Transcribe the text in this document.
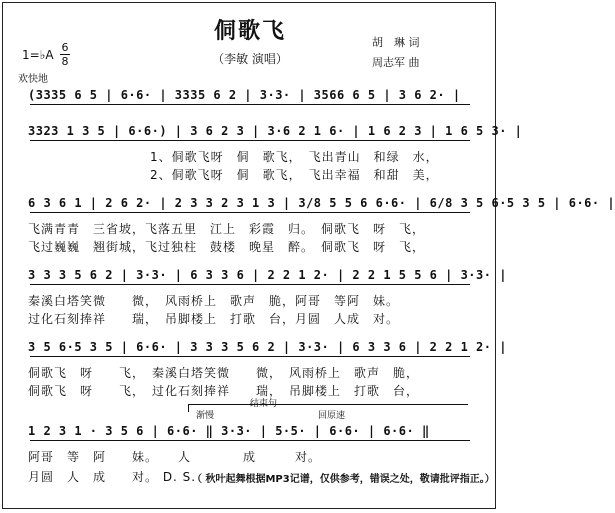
侗歌飞
（李敏 演唱）
胡　琳 词
周志军 曲
1=♭A
6
8
欢快地
(3335 6 5 | 6·6· | 3335 6 2 | 3·3· | 3566 6 5 | 3 6 2· |
3323 1 3 5 | 6·6·) | 3 6 2 3 | 3·6 2 1 6· | 1 6 2 3 | 1 6 5 3· |
1、侗歌飞呀　侗　歌飞，　飞出青山　和绿　水，
2、侗歌飞呀　侗　歌飞，　飞出幸福　和甜　美，
6 3 6 1 | 2 6 2· | 2 3 3 2 3 1 3 | 3/8 5 5 6 6·6· | 6/8 3 5 6·5 3 5 | 6·6· |
飞满青青　三省坡，飞落五里　江上　彩霞　归。　侗歌飞　呀　飞，
飞过巍巍　翘街城，飞过独柱　鼓楼　晚星　醉。　侗歌飞　呀　飞，
3 3 3 5 6 2 | 3·3· | 6 3 3 6 | 2 2 1 2· | 2 2 1 5 5 6 | 3·3· |
秦溪白塔笑微　　微，　风雨桥上　歌声　脆，阿哥　等阿　妹。
过化石刻捧祥　　瑞，　吊脚楼上　打歌　台，月圆　人成　对。
3 5 6·5 3 5 | 6·6· | 3 3 3 5 6 2 | 3·3· | 6 3 3 6 | 2 2 1 2· |
侗歌飞　呀　　飞，　秦溪白塔笑微　　微，　风雨桥上　歌声　脆，
侗歌飞　呀　　飞，　过化石刻捧祥　　瑞，　吊脚楼上　打歌　台，
结束句
渐慢	回原速
1 2 3 1 · 3 5 6 | 6·6· ‖ 3·3· | 5·5· | 6·6· | 6·6· ‖
阿哥　等　阿　　妹。　　人　　　　成　　　对。
月圆　人　成　　对。 D. S.
（ 秋叶起舞根据MP3记谱，仅供参考，错误之处，敬请批评指正。）
